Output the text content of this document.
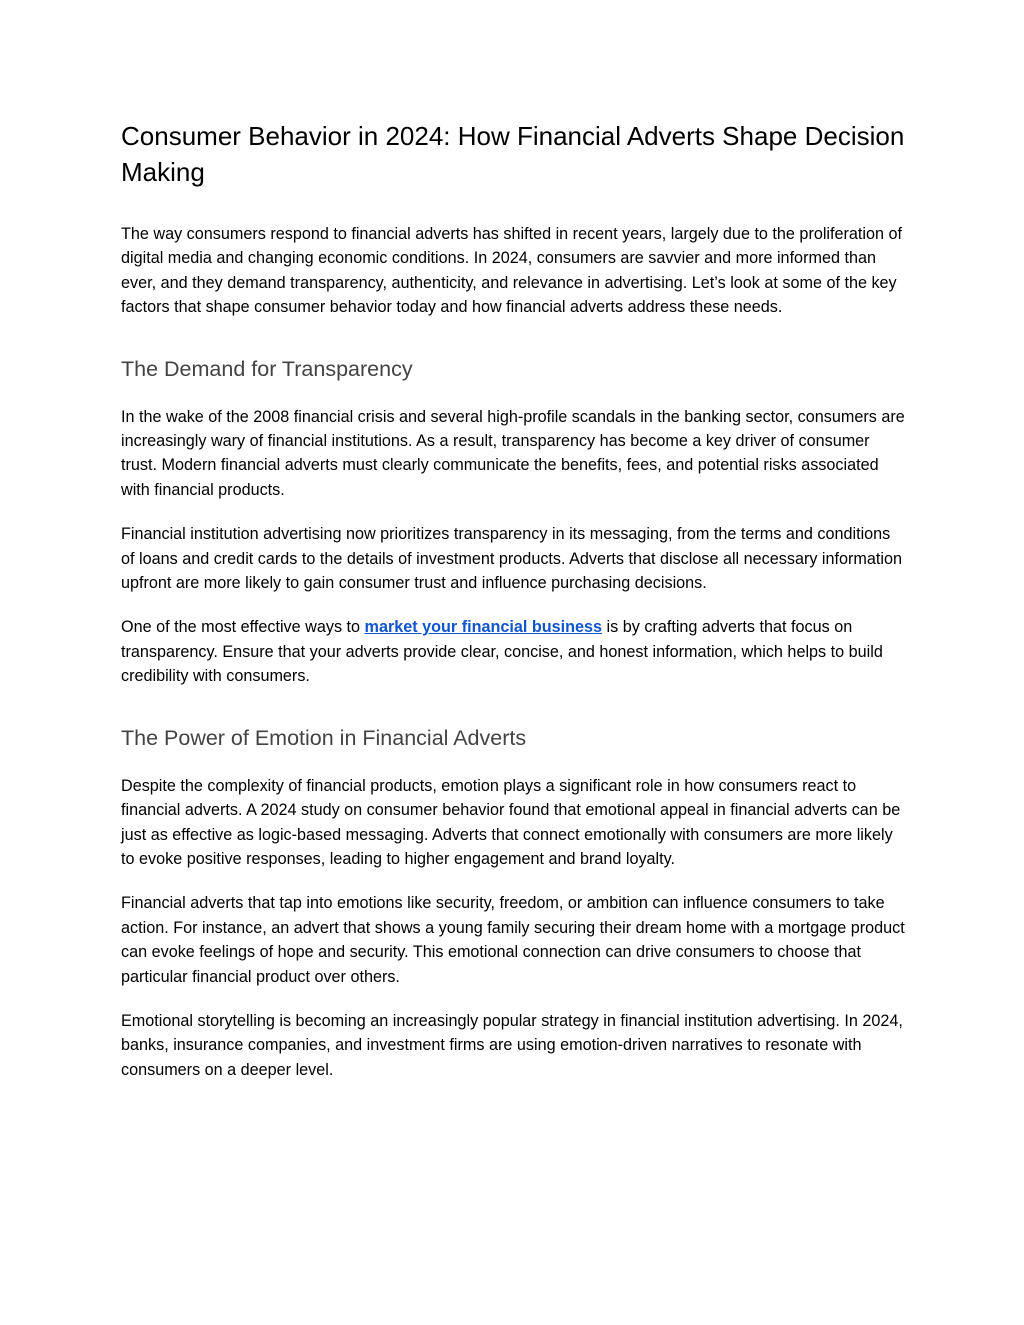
Consumer Behavior in 2024: How Financial Adverts Shape Decision Making

The way consumers respond to financial adverts has shifted in recent years, largely due to the proliferation of digital media and changing economic conditions. In 2024, consumers are savvier and more informed than ever, and they demand transparency, authenticity, and relevance in advertising. Let’s look at some of the key factors that shape consumer behavior today and how financial adverts address these needs.

The Demand for Transparency

In the wake of the 2008 financial crisis and several high-profile scandals in the banking sector, consumers are increasingly wary of financial institutions. As a result, transparency has become a key driver of consumer trust. Modern financial adverts must clearly communicate the benefits, fees, and potential risks associated with financial products.

Financial institution advertising now prioritizes transparency in its messaging, from the terms and conditions of loans and credit cards to the details of investment products. Adverts that disclose all necessary information upfront are more likely to gain consumer trust and influence purchasing decisions.

One of the most effective ways to market your financial business is by crafting adverts that focus on transparency. Ensure that your adverts provide clear, concise, and honest information, which helps to build credibility with consumers.

The Power of Emotion in Financial Adverts

Despite the complexity of financial products, emotion plays a significant role in how consumers react to financial adverts. A 2024 study on consumer behavior found that emotional appeal in financial adverts can be just as effective as logic-based messaging. Adverts that connect emotionally with consumers are more likely to evoke positive responses, leading to higher engagement and brand loyalty.

Financial adverts that tap into emotions like security, freedom, or ambition can influence consumers to take action. For instance, an advert that shows a young family securing their dream home with a mortgage product can evoke feelings of hope and security. This emotional connection can drive consumers to choose that particular financial product over others.

Emotional storytelling is becoming an increasingly popular strategy in financial institution advertising. In 2024, banks, insurance companies, and investment firms are using emotion-driven narratives to resonate with consumers on a deeper level.
